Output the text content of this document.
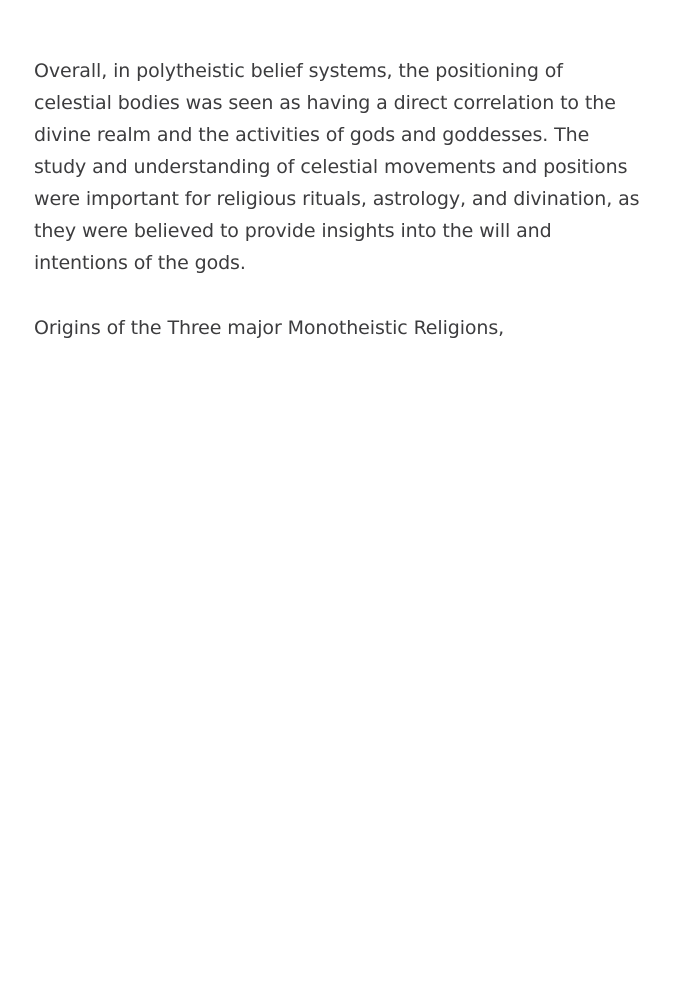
Overall, in polytheistic belief systems, the positioning of
celestial bodies was seen as having a direct correlation to the
divine realm and the activities of gods and goddesses. The
study and understanding of celestial movements and positions
were important for religious rituals, astrology, and divination, as
they were believed to provide insights into the will and
intentions of the gods.

Origins of the Three major Monotheistic Religions,
